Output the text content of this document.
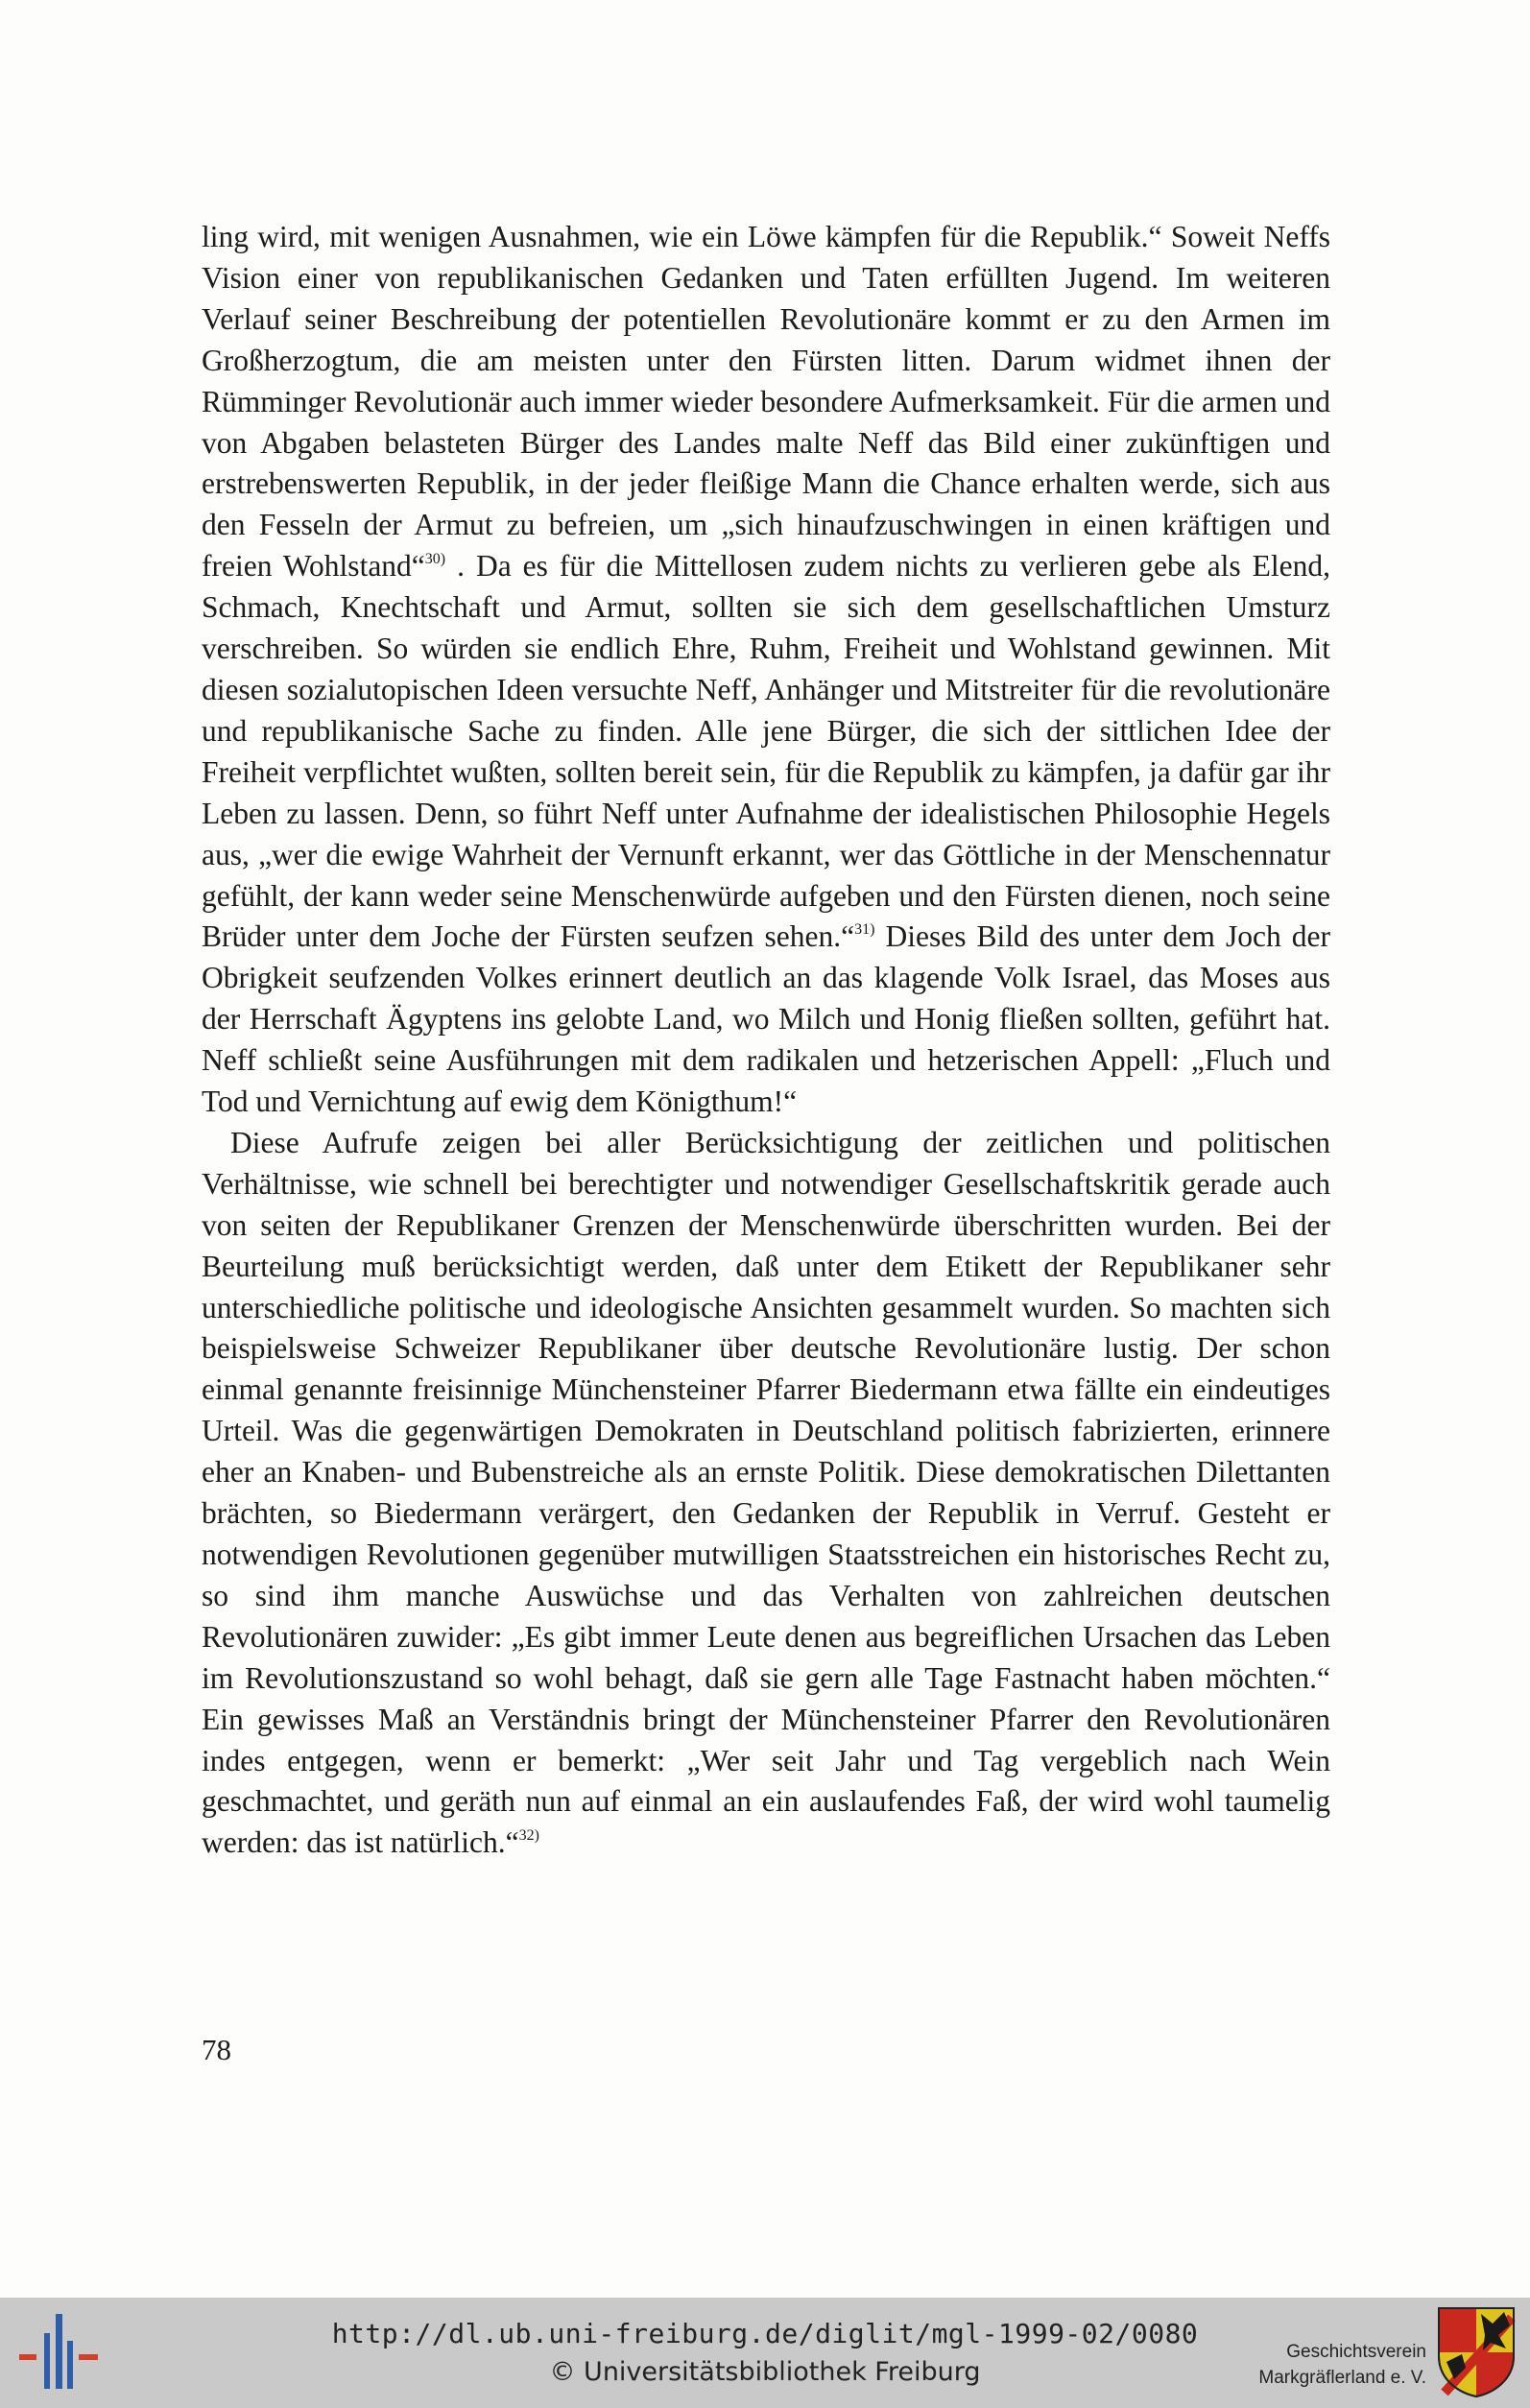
ling wird, mit wenigen Ausnahmen, wie ein Löwe kämpfen für die Republik.“ Soweit Neffs Vision einer von republikanischen Gedanken und Taten erfüllten Jugend. Im weiteren Verlauf seiner Beschreibung der potentiellen Revolutionäre kommt er zu den Armen im Großherzogtum, die am meisten unter den Fürsten litten. Darum widmet ihnen der Rümminger Revolutionär auch immer wieder besondere Aufmerksamkeit. Für die armen und von Abgaben belasteten Bürger des Landes malte Neff das Bild einer zukünftigen und erstrebenswerten Republik, in der jeder fleißige Mann die Chance erhalten werde, sich aus den Fesseln der Armut zu befreien, um „sich hinaufzuschwingen in einen kräftigen und freien Wohlstand“$^{30)}$ . Da es für die Mittellosen zudem nichts zu verlieren gebe als Elend, Schmach, Knechtschaft und Armut, sollten sie sich dem gesellschaftlichen Umsturz verschreiben. So würden sie endlich Ehre, Ruhm, Freiheit und Wohlstand gewinnen. Mit diesen sozialutopischen Ideen versuchte Neff, Anhänger und Mitstreiter für die revolutionäre und republikanische Sache zu finden. Alle jene Bürger, die sich der sittlichen Idee der Freiheit verpflichtet wußten, sollten bereit sein, für die Republik zu kämpfen, ja dafür gar ihr Leben zu lassen. Denn, so führt Neff unter Aufnahme der idealistischen Philosophie Hegels aus, „wer die ewige Wahrheit der Vernunft erkannt, wer das Göttliche in der Menschennatur gefühlt, der kann weder seine Menschenwürde aufgeben und den Fürsten dienen, noch seine Brüder unter dem Joche der Fürsten seufzen sehen.“$^{31)}$ Dieses Bild des unter dem Joch der Obrigkeit seufzenden Volkes erinnert deutlich an das klagende Volk Israel, das Moses aus der Herrschaft Ägyptens ins gelobte Land, wo Milch und Honig fließen sollten, geführt hat. Neff schließt seine Ausführungen mit dem radikalen und hetzerischen Appell: „Fluch und Tod und Vernichtung auf ewig dem Königthum!“

Diese Aufrufe zeigen bei aller Berücksichtigung der zeitlichen und politischen Verhältnisse, wie schnell bei berechtigter und notwendiger Gesellschaftskritik gerade auch von seiten der Republikaner Grenzen der Menschenwürde überschritten wurden. Bei der Beurteilung muß berücksichtigt werden, daß unter dem Etikett der Republikaner sehr unterschiedliche politische und ideologische Ansichten gesammelt wurden. So machten sich beispielsweise Schweizer Republikaner über deutsche Revolutionäre lustig. Der schon einmal genannte freisinnige Münchensteiner Pfarrer Biedermann etwa fällte ein eindeutiges Urteil. Was die gegenwärtigen Demokraten in Deutschland politisch fabrizierten, erinnere eher an Knaben- und Bubenstreiche als an ernste Politik. Diese demokratischen Dilettanten brächten, so Biedermann verärgert, den Gedanken der Republik in Verruf. Gesteht er notwendigen Revolutionen gegenüber mutwilligen Staatsstreichen ein historisches Recht zu, so sind ihm manche Auswüchse und das Verhalten von zahlreichen deutschen Revolutionären zuwider: „Es gibt immer Leute denen aus begreiflichen Ursachen das Leben im Revolutionszustand so wohl behagt, daß sie gern alle Tage Fastnacht haben möchten.“ Ein gewisses Maß an Verständnis bringt der Münchensteiner Pfarrer den Revolutionären indes entgegen, wenn er bemerkt: „Wer seit Jahr und Tag vergeblich nach Wein geschmachtet, und geräth nun auf einmal an ein auslaufendes Faß, der wird wohl taumelig werden: das ist natürlich.“$^{32)}$

78
http://dl.ub.uni-freiburg.de/diglit/mgl-1999-02/0080
© Universitätsbibliothek Freiburg
Geschichtsverein
Markgräflerland e. V.
